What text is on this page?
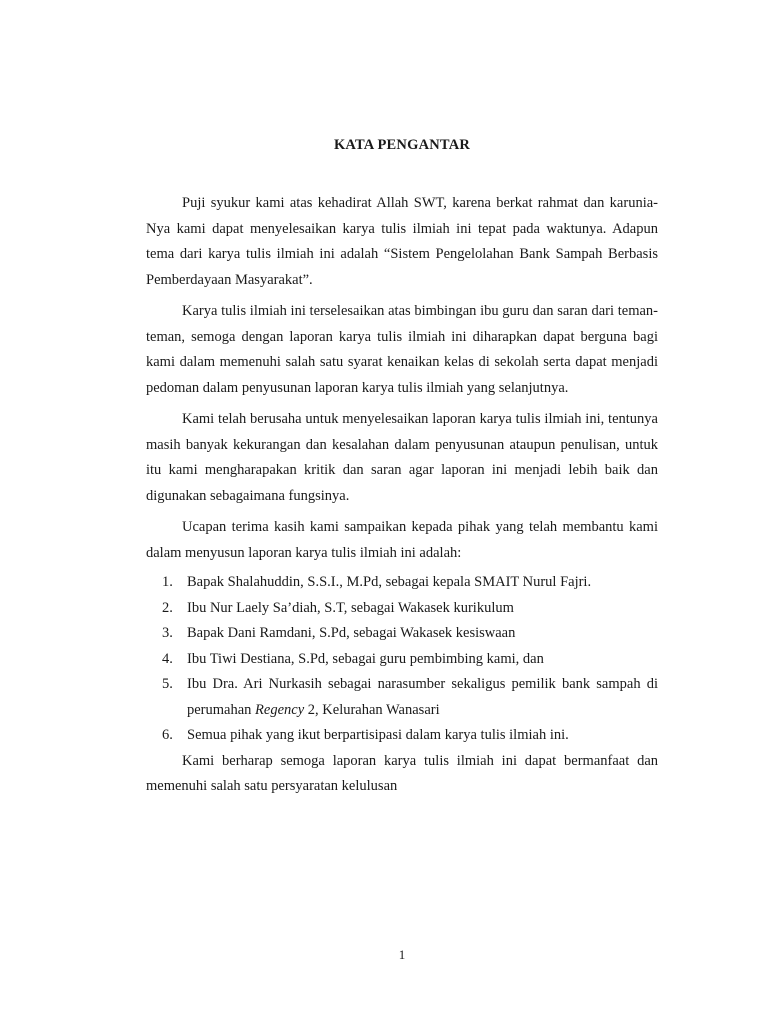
KATA PENGANTAR

Puji syukur kami atas kehadirat Allah SWT, karena berkat rahmat dan karunia-Nya kami dapat menyelesaikan karya tulis ilmiah ini tepat pada waktunya. Adapun tema dari karya tulis ilmiah ini adalah “Sistem Pengelolahan Bank Sampah Berbasis Pemberdayaan Masyarakat”.

Karya tulis ilmiah ini terselesaikan atas bimbingan ibu guru dan saran dari teman-teman, semoga dengan laporan karya tulis ilmiah ini diharapkan dapat berguna bagi kami dalam memenuhi salah satu syarat kenaikan kelas di sekolah serta dapat menjadi pedoman dalam penyusunan laporan karya tulis ilmiah yang selanjutnya.

Kami telah berusaha untuk menyelesaikan laporan karya tulis ilmiah ini, tentunya masih banyak kekurangan dan kesalahan dalam penyusunan ataupun penulisan, untuk itu kami mengharapakan kritik dan saran agar laporan ini menjadi lebih baik dan digunakan sebagaimana fungsinya.

Ucapan terima kasih kami sampaikan kepada pihak yang telah membantu kami dalam menyusun laporan karya tulis ilmiah ini adalah:

1. Bapak Shalahuddin, S.S.I., M.Pd, sebagai kepala SMAIT Nurul Fajri.
2. Ibu Nur Laely Sa’diah, S.T, sebagai Wakasek kurikulum
3. Bapak Dani Ramdani, S.Pd, sebagai Wakasek kesiswaan
4. Ibu Tiwi Destiana, S.Pd, sebagai guru pembimbing kami, dan
5. Ibu Dra. Ari Nurkasih sebagai narasumber sekaligus pemilik bank sampah di perumahan Regency 2, Kelurahan Wanasari
6. Semua pihak yang ikut berpartisipasi dalam karya tulis ilmiah ini.

Kami berharap semoga laporan karya tulis ilmiah ini dapat bermanfaat dan memenuhi salah satu persyaratan kelulusan

1
